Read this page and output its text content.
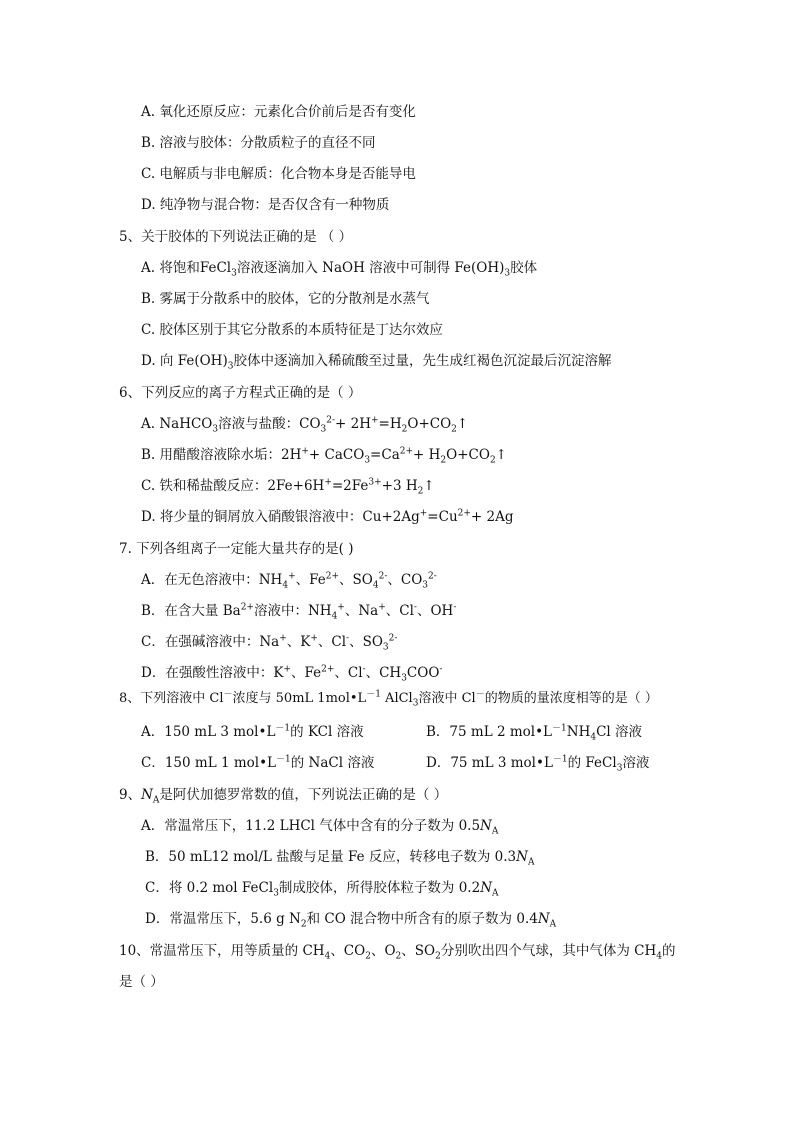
A. 氧化还原反应：元素化合价前后是否有变化
B. 溶液与胶体：分散质粒子的直径不同
C. 电解质与非电解质：化合物本身是否能导电
D. 纯净物与混合物：是否仅含有一种物质
5、关于胶体的下列说法正确的是 （ ）
A. 将饱和FeCl$_3$溶液逐滴加入 NaOH 溶液中可制得 $Fe(OH)_3$胶体
B. 雾属于分散系中的胶体，它的分散剂是水蒸气
C. 胶体区别于其它分散系的本质特征是丁达尔效应
D. 向 $Fe(OH)_3$胶体中逐滴加入稀硫酸至过量，先生成红褐色沉淀最后沉淀溶解
6、下列反应的离子方程式正确的是（ ）
A. NaHCO$_3$溶液与盐酸：$CO_3^{2-}+$ $2H^+=H_2O+CO_2↑$
B. 用醋酸溶液除水垢：$2H^++ CaCO_3=Ca^{2+}+$ $H_2O+CO_2↑$
C. 铁和稀盐酸反应：$2Fe+6H^+=2Fe^{3+}+3$ $H_2↑$
D. 将少量的铜屑放入硝酸银溶液中：$Cu+2Ag^+=Cu^{2+}+ 2Ag$
7. 下列各组离子一定能大量共存的是( )
A．在无色溶液中：$NH_4^+$、$Fe^{2+}$、$SO_4^{2-}$、$CO_3^{2-}$
B．在含大量 $Ba^{2+}$溶液中：$NH_4^+$、Na+、Cl-、OH-
C．在强碱溶液中：Na+、K+、Cl-、$SO_3^{2-}$
D．在强酸性溶液中：K+、$Fe^{2+}$、Cl-、$CH_3COO^-$
8、下列溶液中 Cl－浓度与 50mL $1mol•L^{-1}$ AlCl$_3$溶液中 Cl－的物质的量浓度相等的是（ ）
A．150 mL 3 $mol•L^{-1}$的 KCl 溶液	B．75 mL 2 $mol•L^{-1}NH_4Cl$ 溶液
C．150 mL 1 $mol•L^{-1}$的 NaCl 溶液	D．75 mL 3 $mol•L^{-1}$的 FeCl$_3$溶液
9、$N_A$是阿伏加德罗常数的值，下列说法正确的是（ ）
A．常温常压下，11.2 LHCl 气体中含有的分子数为 $0.5N_A$
B．50 mL12 mol/L 盐酸与足量 Fe 反应，转移电子数为 $0.3N_A$
C．将 0.2 mol FeCl$_3$制成胶体，所得胶体粒子数为 $0.2N_A$
D．常温常压下，5.6 g $N_2$和 CO 混合物中所含有的原子数为 $0.4N_A$
10、常温常压下，用等质量的 $CH_4$、$CO_2$、$O_2$、$SO_2$分别吹出四个气球，其中气体为 $CH_4$的
是（ ）
